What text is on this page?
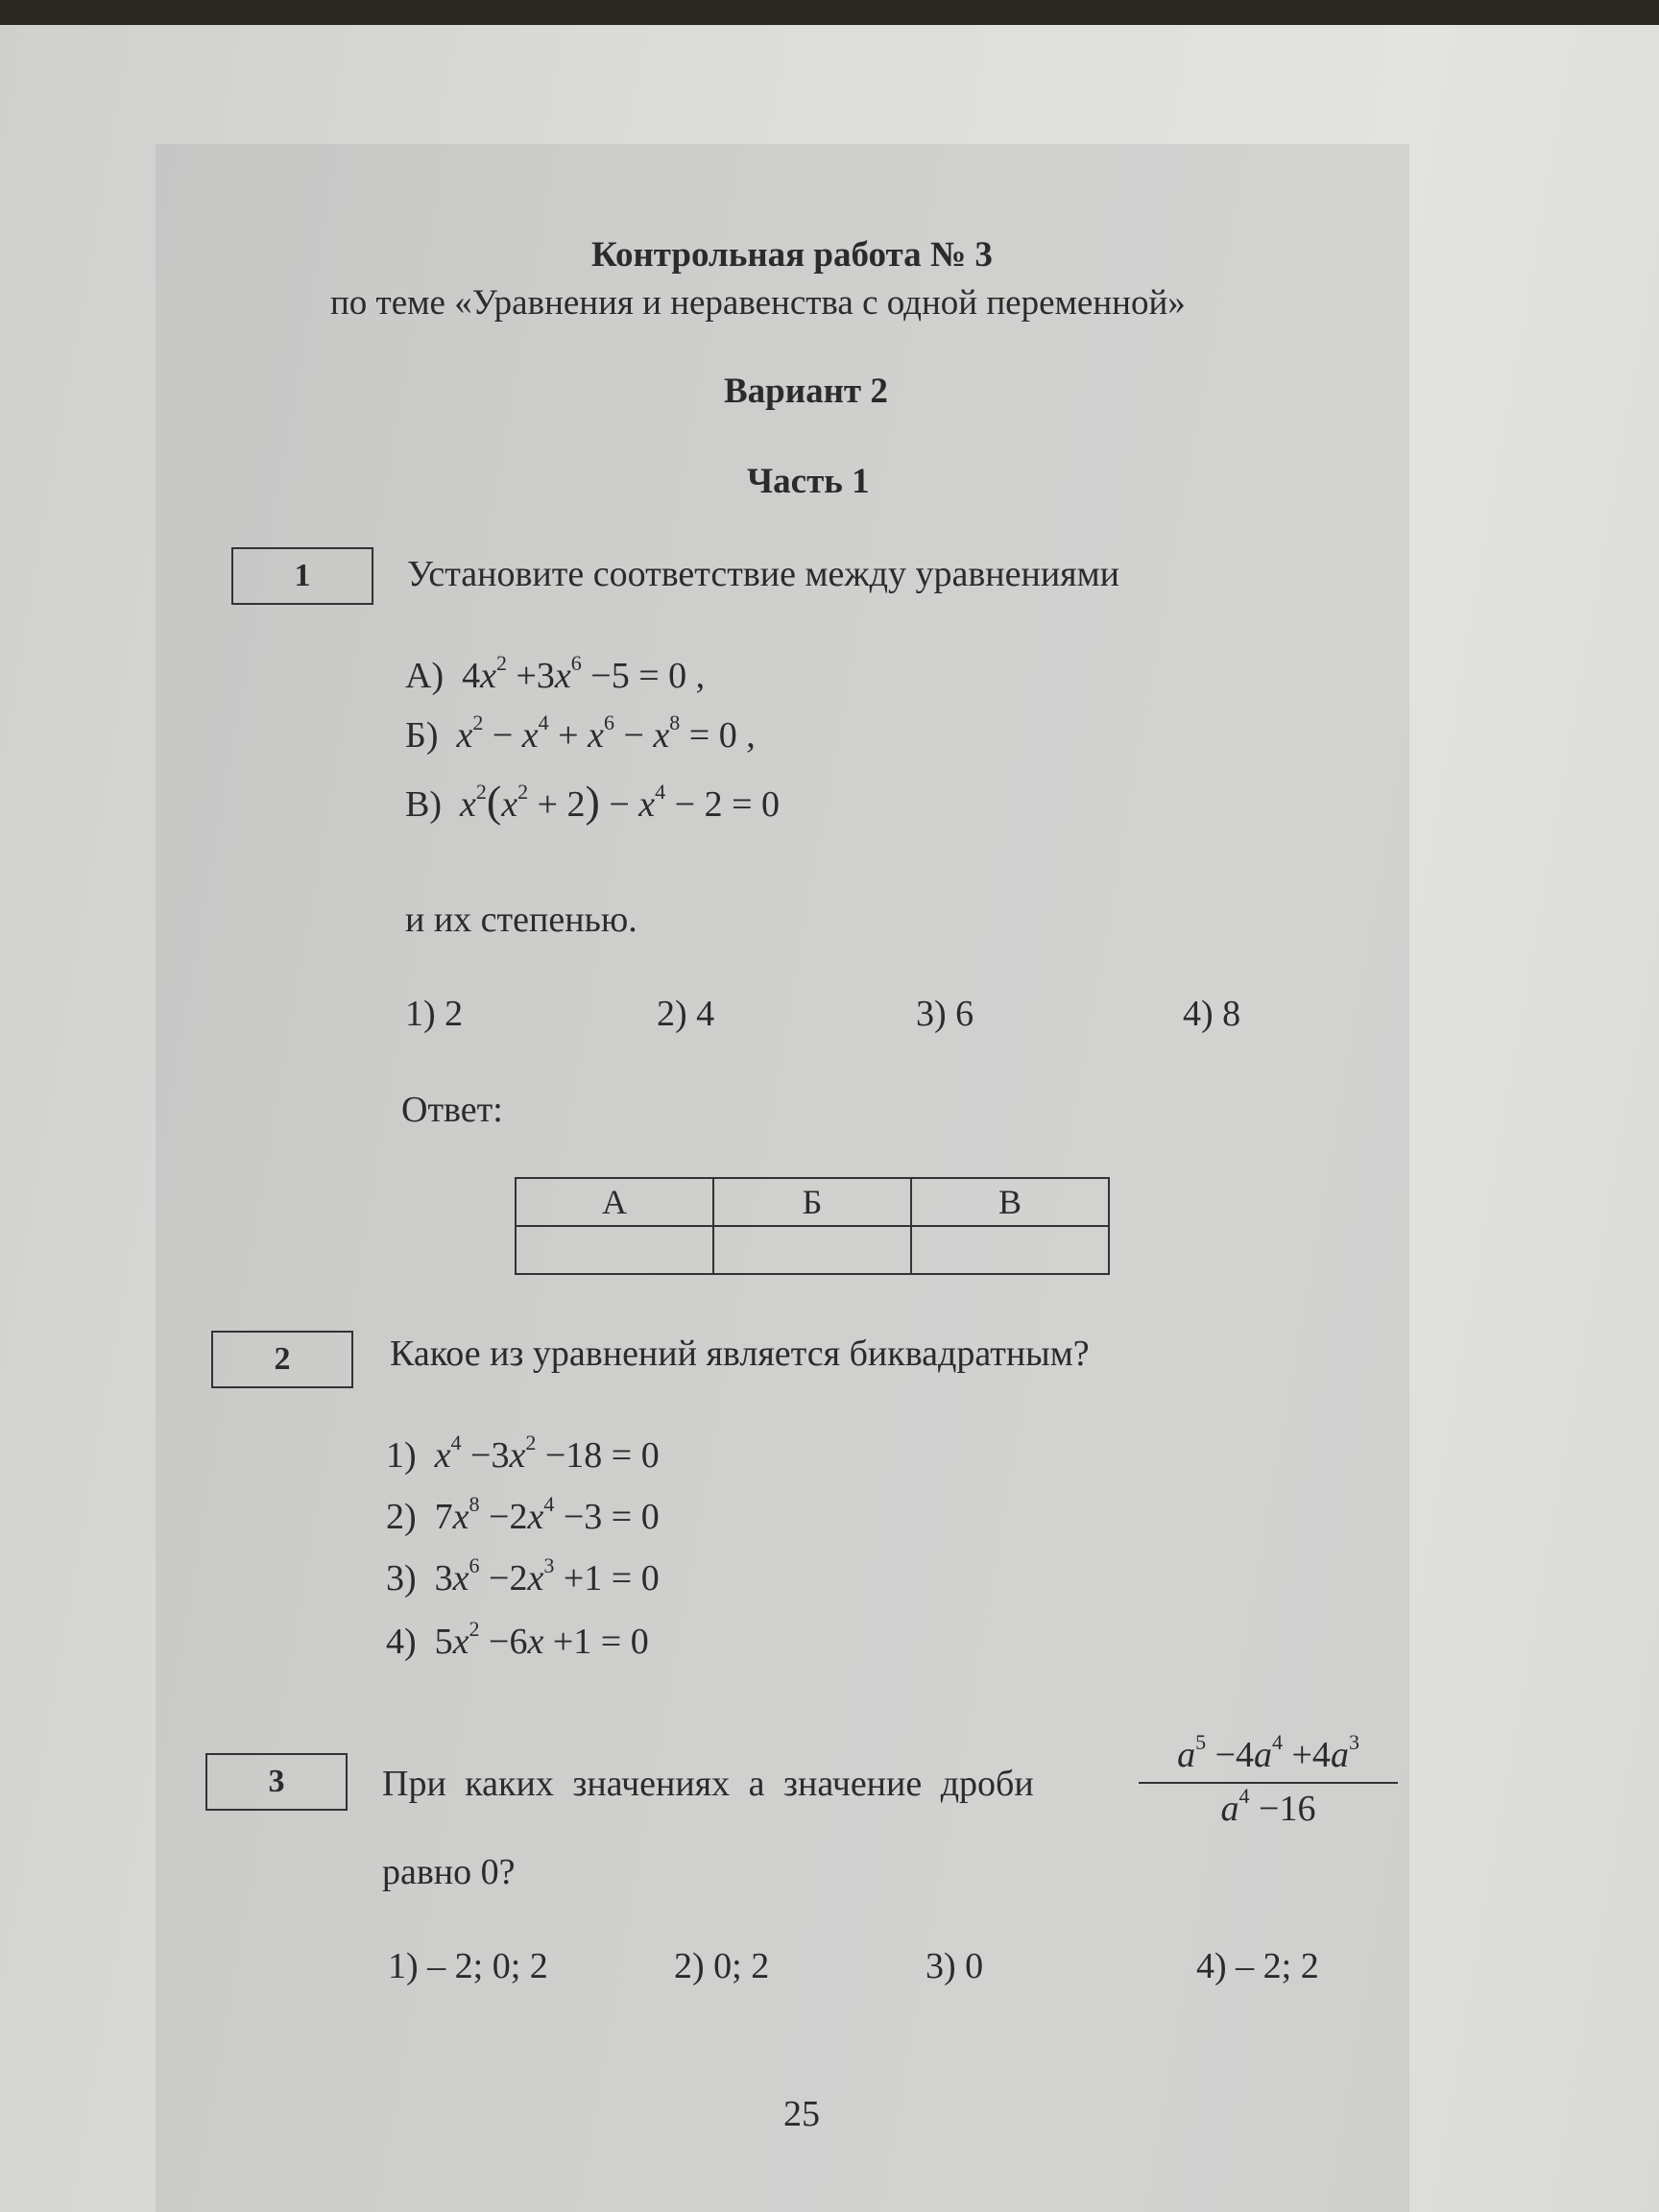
Контрольная работа № 3
по теме «Уравнения и неравенства с одной переменной»
Вариант 2
Часть 1
1	Установите соответствие между уравнениями
А)  $4x^2 +3x^6 -5 = 0$ ,
Б)  $x^2 - x^4 + x^6 - x^8 = 0$ ,
В)  $x^2(x^2 + 2) - x^4 - 2 = 0$
и их степенью.
1) 2	2) 4	3) 6	4) 8
Ответ:
А	Б	В

2	Какое из уравнений является биквадратным?
1)  $x^4 -3x^2 -18 = 0$
2)  $7x^8 -2x^4 -3 = 0$
3)  $3x^6 -2x^3 +1 = 0$
4)  $5x^2 -6x +1 = 0$
3	При каких значениях a значение дроби
$a^5 -4a^4 +4a^3$
$a^4 -16$
равно 0?
1) – 2; 0; 2	2) 0; 2	3) 0	4) – 2; 2
25
